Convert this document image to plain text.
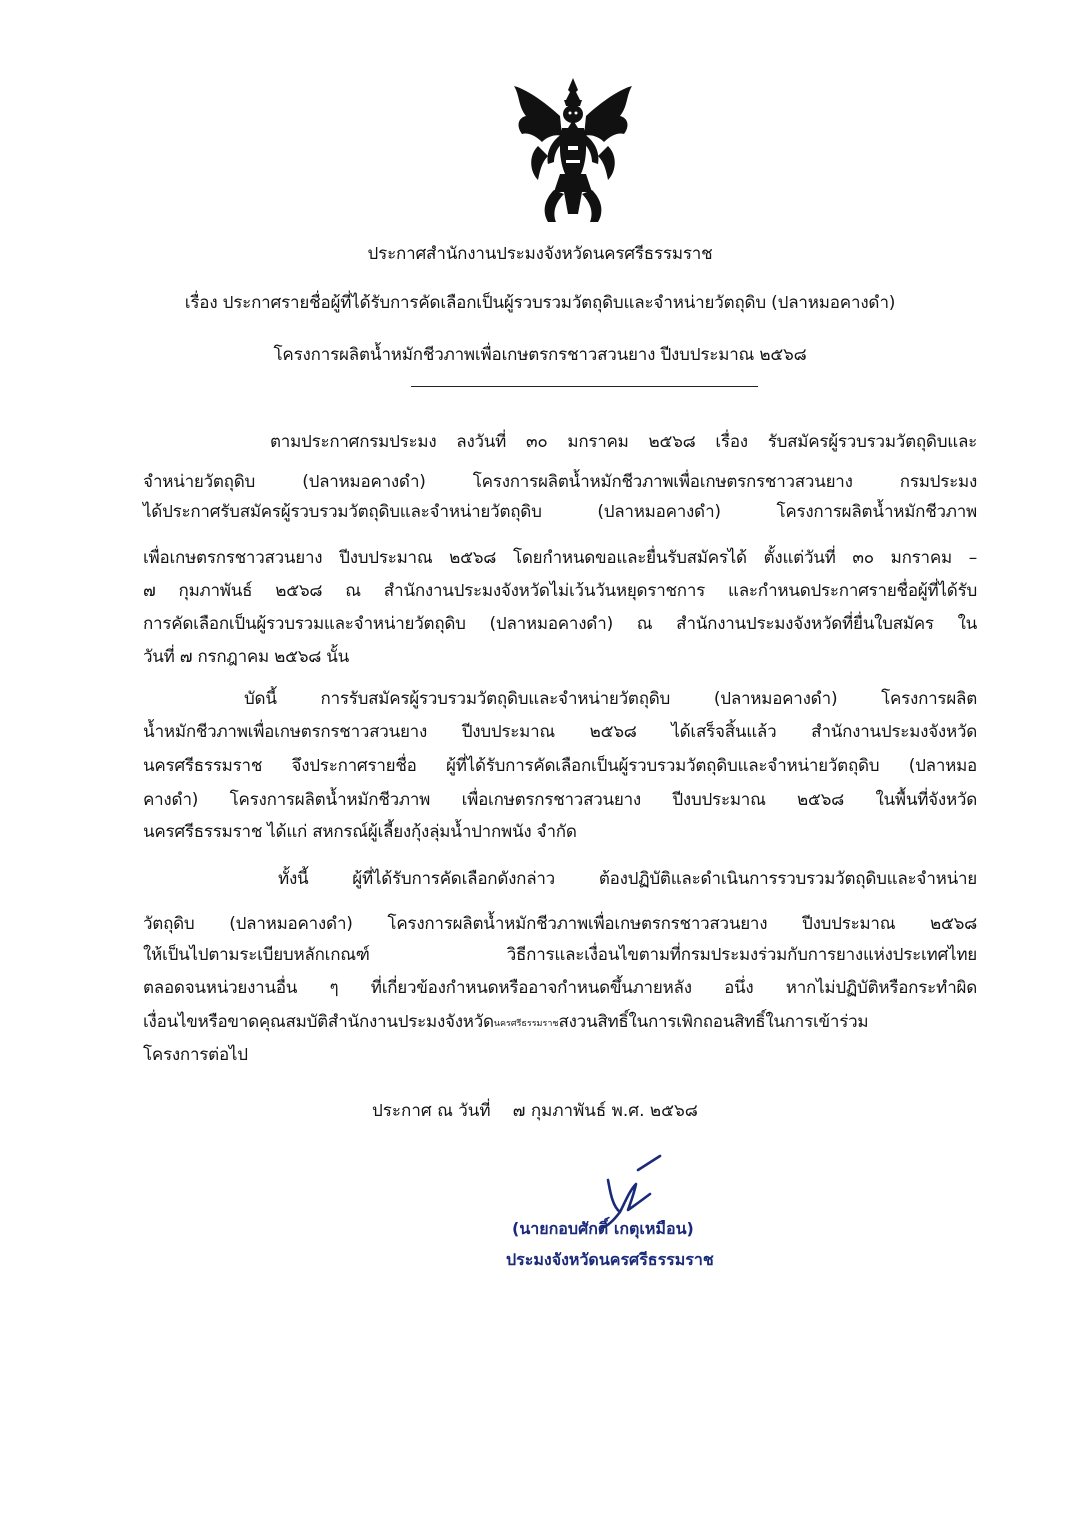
ประกาศสำนักงานประมงจังหวัดนครศรีธรรมราช
เรื่อง ประกาศรายชื่อผู้ที่ได้รับการคัดเลือกเป็นผู้รวบรวมวัตถุดิบและจำหน่ายวัตถุดิบ (ปลาหมอคางดำ)
โครงการผลิตน้ำหมักชีวภาพเพื่อเกษตรกรชาวสวนยาง ปีงบประมาณ ๒๕๖๘
ตามประกาศกรมประมง ลงวันที่ ๓๐ มกราคม ๒๕๖๘ เรื่อง รับสมัครผู้รวบรวมวัตถุดิบและ
จำหน่ายวัตถุดิบ (ปลาหมอคางดำ) โครงการผลิตน้ำหมักชีวภาพเพื่อเกษตรกรชาวสวนยาง กรมประมง
ได้ประกาศรับสมัครผู้รวบรวมวัตถุดิบและจำหน่ายวัตถุดิบ (ปลาหมอคางดำ) โครงการผลิตน้ำหมักชีวภาพ
เพื่อเกษตรกรชาวสวนยาง ปีงบประมาณ ๒๕๖๘ โดยกำหนดขอและยื่นรับสมัครได้ ตั้งแต่วันที่ ๓๐ มกราคม –
๗ กุมภาพันธ์ ๒๕๖๘ ณ สำนักงานประมงจังหวัดไม่เว้นวันหยุดราชการ และกำหนดประกาศรายชื่อผู้ที่ได้รับ
การคัดเลือกเป็นผู้รวบรวมและจำหน่ายวัตถุดิบ (ปลาหมอคางดำ) ณ สำนักงานประมงจังหวัดที่ยื่นใบสมัคร ใน
วันที่ ๗ กรกฎาคม ๒๕๖๘ นั้น
บัดนี้ การรับสมัครผู้รวบรวมวัตถุดิบและจำหน่ายวัตถุดิบ (ปลาหมอคางดำ) โครงการผลิต
น้ำหมักชีวภาพเพื่อเกษตรกรชาวสวนยาง ปีงบประมาณ ๒๕๖๘ ได้เสร็จสิ้นแล้ว สำนักงานประมงจังหวัด
นครศรีธรรมราช จึงประกาศรายชื่อ ผู้ที่ได้รับการคัดเลือกเป็นผู้รวบรวมวัตถุดิบและจำหน่ายวัตถุดิบ (ปลาหมอ
คางดำ) โครงการผลิตน้ำหมักชีวภาพ เพื่อเกษตรกรชาวสวนยาง ปีงบประมาณ ๒๕๖๘ ในพื้นที่จังหวัด
นครศรีธรรมราช ได้แก่ สหกรณ์ผู้เลี้ยงกุ้งลุ่มน้ำปากพนัง จำกัด
ทั้งนี้ ผู้ที่ได้รับการคัดเลือกดังกล่าว ต้องปฏิบัติและดำเนินการรวบรวมวัตถุดิบและจำหน่าย
วัตถุดิบ (ปลาหมอคางดำ) โครงการผลิตน้ำหมักชีวภาพเพื่อเกษตรกรชาวสวนยาง ปีงบประมาณ ๒๕๖๘
ให้เป็นไปตามระเบียบหลักเกณฑ์ วิธีการและเงื่อนไขตามที่กรมประมงร่วมกับการยางแห่งประเทศไทย
ตลอดจนหน่วยงานอื่น ๆ ที่เกี่ยวข้องกำหนดหรืออาจกำหนดขึ้นภายหลัง อนึ่ง หากไม่ปฏิบัติหรือกระทำผิด
เงื่อนไขหรือขาดคุณสมบัติสำนักงานประมงจังหวัดนครศรีธรรมราชสงวนสิทธิ์ในการเพิกถอนสิทธิ์ในการเข้าร่วม
โครงการต่อไป
ประกาศ ณ วันที่ ๗ กุมภาพันธ์ พ.ศ. ๒๕๖๘
(นายกอบศักดิ์ เกตุเหมือน)
ประมงจังหวัดนครศรีธรรมราช
